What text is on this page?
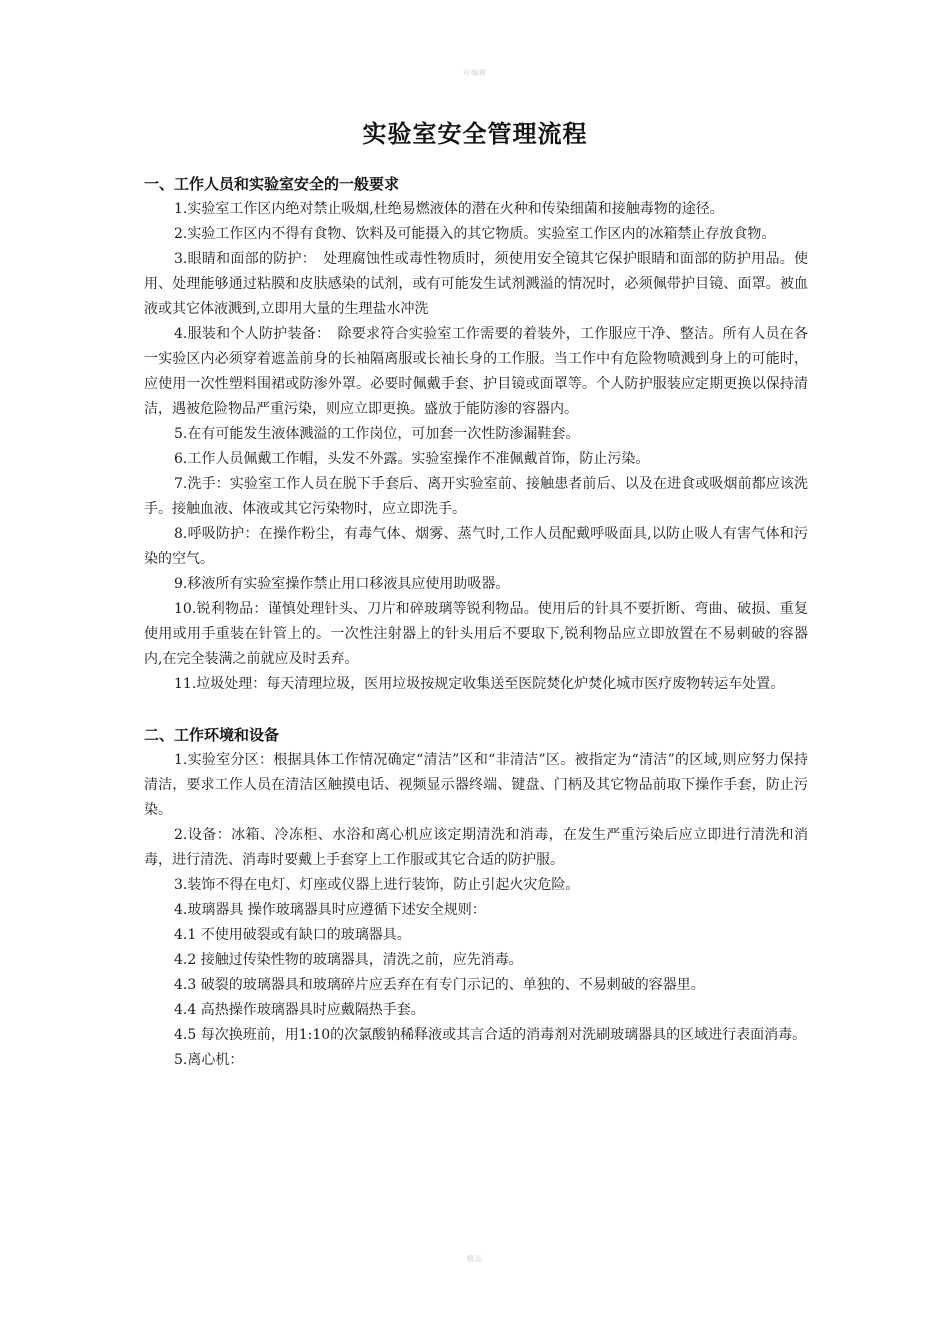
可编辑
实验室安全管理流程
一、工作人员和实验室安全的一般要求

1.实验室工作区内绝对禁止吸烟,杜绝易燃液体的潜在火种和传染细菌和接触毒物的途径。

2.实验工作区内不得有食物、饮料及可能摄入的其它物质。实验室工作区内的冰箱禁止存放食物。

3.眼睛和面部的防护：　处理腐蚀性或毒性物质时，须使用安全镜其它保护眼睛和面部的防护用品。使用、处理能够通过粘膜和皮肤感染的试剂，或有可能发生试剂溅溢的情况时，必须佩带护目镜、面罩。被血液或其它体液溅到,立即用大量的生理盐水冲洗

4.服装和个人防护装备：　除要求符合实验室工作需要的着装外，工作服应干净、整洁。所有人员在各一实验区内必须穿着遮盖前身的长袖隔离服或长袖长身的工作服。当工作中有危险物喷溅到身上的可能时，应使用一次性塑料围裙或防渗外罩。必要时佩戴手套、护目镜或面罩等。个人防护服装应定期更换以保持清洁，遇被危险物品严重污染，则应立即更换。盛放于能防渗的容器内。

5.在有可能发生液体溅溢的工作岗位，可加套一次性防渗漏鞋套。

6.工作人员佩戴工作帽，头发不外露。实验室操作不准佩戴首饰，防止污染。

7.洗手：实验室工作人员在脱下手套后、离开实验室前、接触患者前后、以及在进食或吸烟前都应该洗手。接触血液、体液或其它污染物时，应立即洗手。

8.呼吸防护：在操作粉尘，有毒气体、烟雾、蒸气时,工作人员配戴呼吸面具,以防止吸人有害气体和污染的空气。

9.移液所有实验室操作禁止用口移液具应使用助吸器。

10.锐利物品：谨慎处理针头、刀片和碎玻璃等锐利物品。使用后的针具不要折断、弯曲、破损、重复使用或用手重装在针管上的。一次性注射器上的针头用后不要取下,锐利物品应立即放置在不易刺破的容器内,在完全装满之前就应及时丢弃。

11.垃圾处理：每天清理垃圾，医用垃圾按规定收集送至医院焚化炉焚化城市医疗废物转运车处置。

二、工作环境和设备

1.实验室分区：根据具体工作情况确定“清洁”区和“非清洁”区。被指定为“清洁”的区域,则应努力保持清洁，要求工作人员在清洁区触摸电话、视频显示器终端、键盘、门柄及其它物品前取下操作手套，防止污染。

2.设备：冰箱、冷冻柜、水浴和离心机应该定期清洗和消毒，在发生严重污染后应立即进行清洗和消毒，进行清洗、消毒时要戴上手套穿上工作服或其它合适的防护服。

3.装饰不得在电灯、灯座或仪器上进行装饰，防止引起火灾危险。

4.玻璃器具 操作玻璃器具时应遵循下述安全规则：

4.1 不使用破裂或有缺口的玻璃器具。

4.2 接触过传染性物的玻璃器具，清洗之前，应先消毒。

4.3 破裂的玻璃器具和玻璃碎片应丢弃在有专门示记的、单独的、不易刺破的容器里。

4.4 高热操作玻璃器具时应戴隔热手套。

4.5 每次换班前，用1:10的次氯酸钠稀释液或其言合适的消毒剂对洗刷玻璃器具的区域进行表面消毒。

5.离心机：

精品
